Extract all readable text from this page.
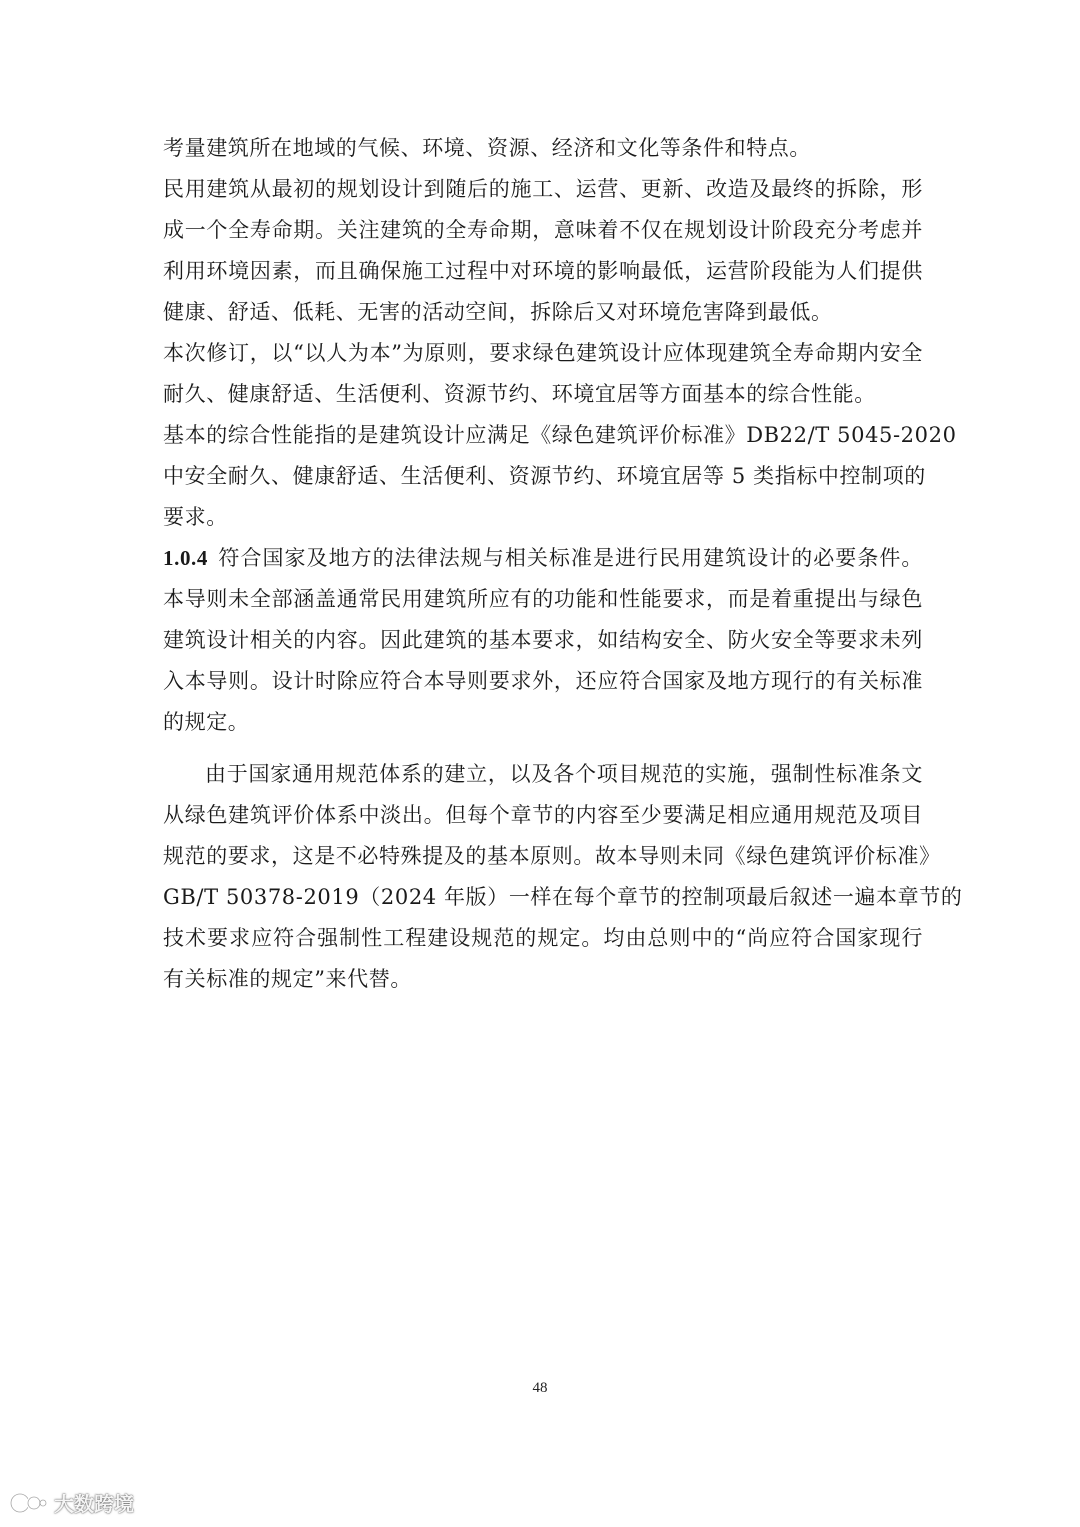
考量建筑所在地域的气候、环境、资源、经济和文化等条件和特点。
民用建筑从最初的规划设计到随后的施工、运营、更新、改造及最终的拆除，形
成一个全寿命期。关注建筑的全寿命期，意味着不仅在规划设计阶段充分考虑并
利用环境因素，而且确保施工过程中对环境的影响最低，运营阶段能为人们提供
健康、舒适、低耗、无害的活动空间，拆除后又对环境危害降到最低。
本次修订，以“以人为本”为原则，要求绿色建筑设计应体现建筑全寿命期内安全
耐久、健康舒适、生活便利、资源节约、环境宜居等方面基本的综合性能。
基本的综合性能指的是建筑设计应满足《绿色建筑评价标准》DB22/T 5045-2020
中安全耐久、健康舒适、生活便利、资源节约、环境宜居等 5 类指标中控制项的
要求。
1.0.4 符合国家及地方的法律法规与相关标准是进行民用建筑设计的必要条件。
本导则未全部涵盖通常民用建筑所应有的功能和性能要求，而是着重提出与绿色
建筑设计相关的内容。因此建筑的基本要求，如结构安全、防火安全等要求未列
入本导则。设计时除应符合本导则要求外，还应符合国家及地方现行的有关标准
的规定。
由于国家通用规范体系的建立，以及各个项目规范的实施，强制性标准条文
从绿色建筑评价体系中淡出。但每个章节的内容至少要满足相应通用规范及项目
规范的要求，这是不必特殊提及的基本原则。故本导则未同《绿色建筑评价标准》
GB/T 50378-2019（2024 年版）一样在每个章节的控制项最后叙述一遍本章节的
技术要求应符合强制性工程建设规范的规定。均由总则中的“尚应符合国家现行
有关标准的规定”来代替。
48
大数跨境
